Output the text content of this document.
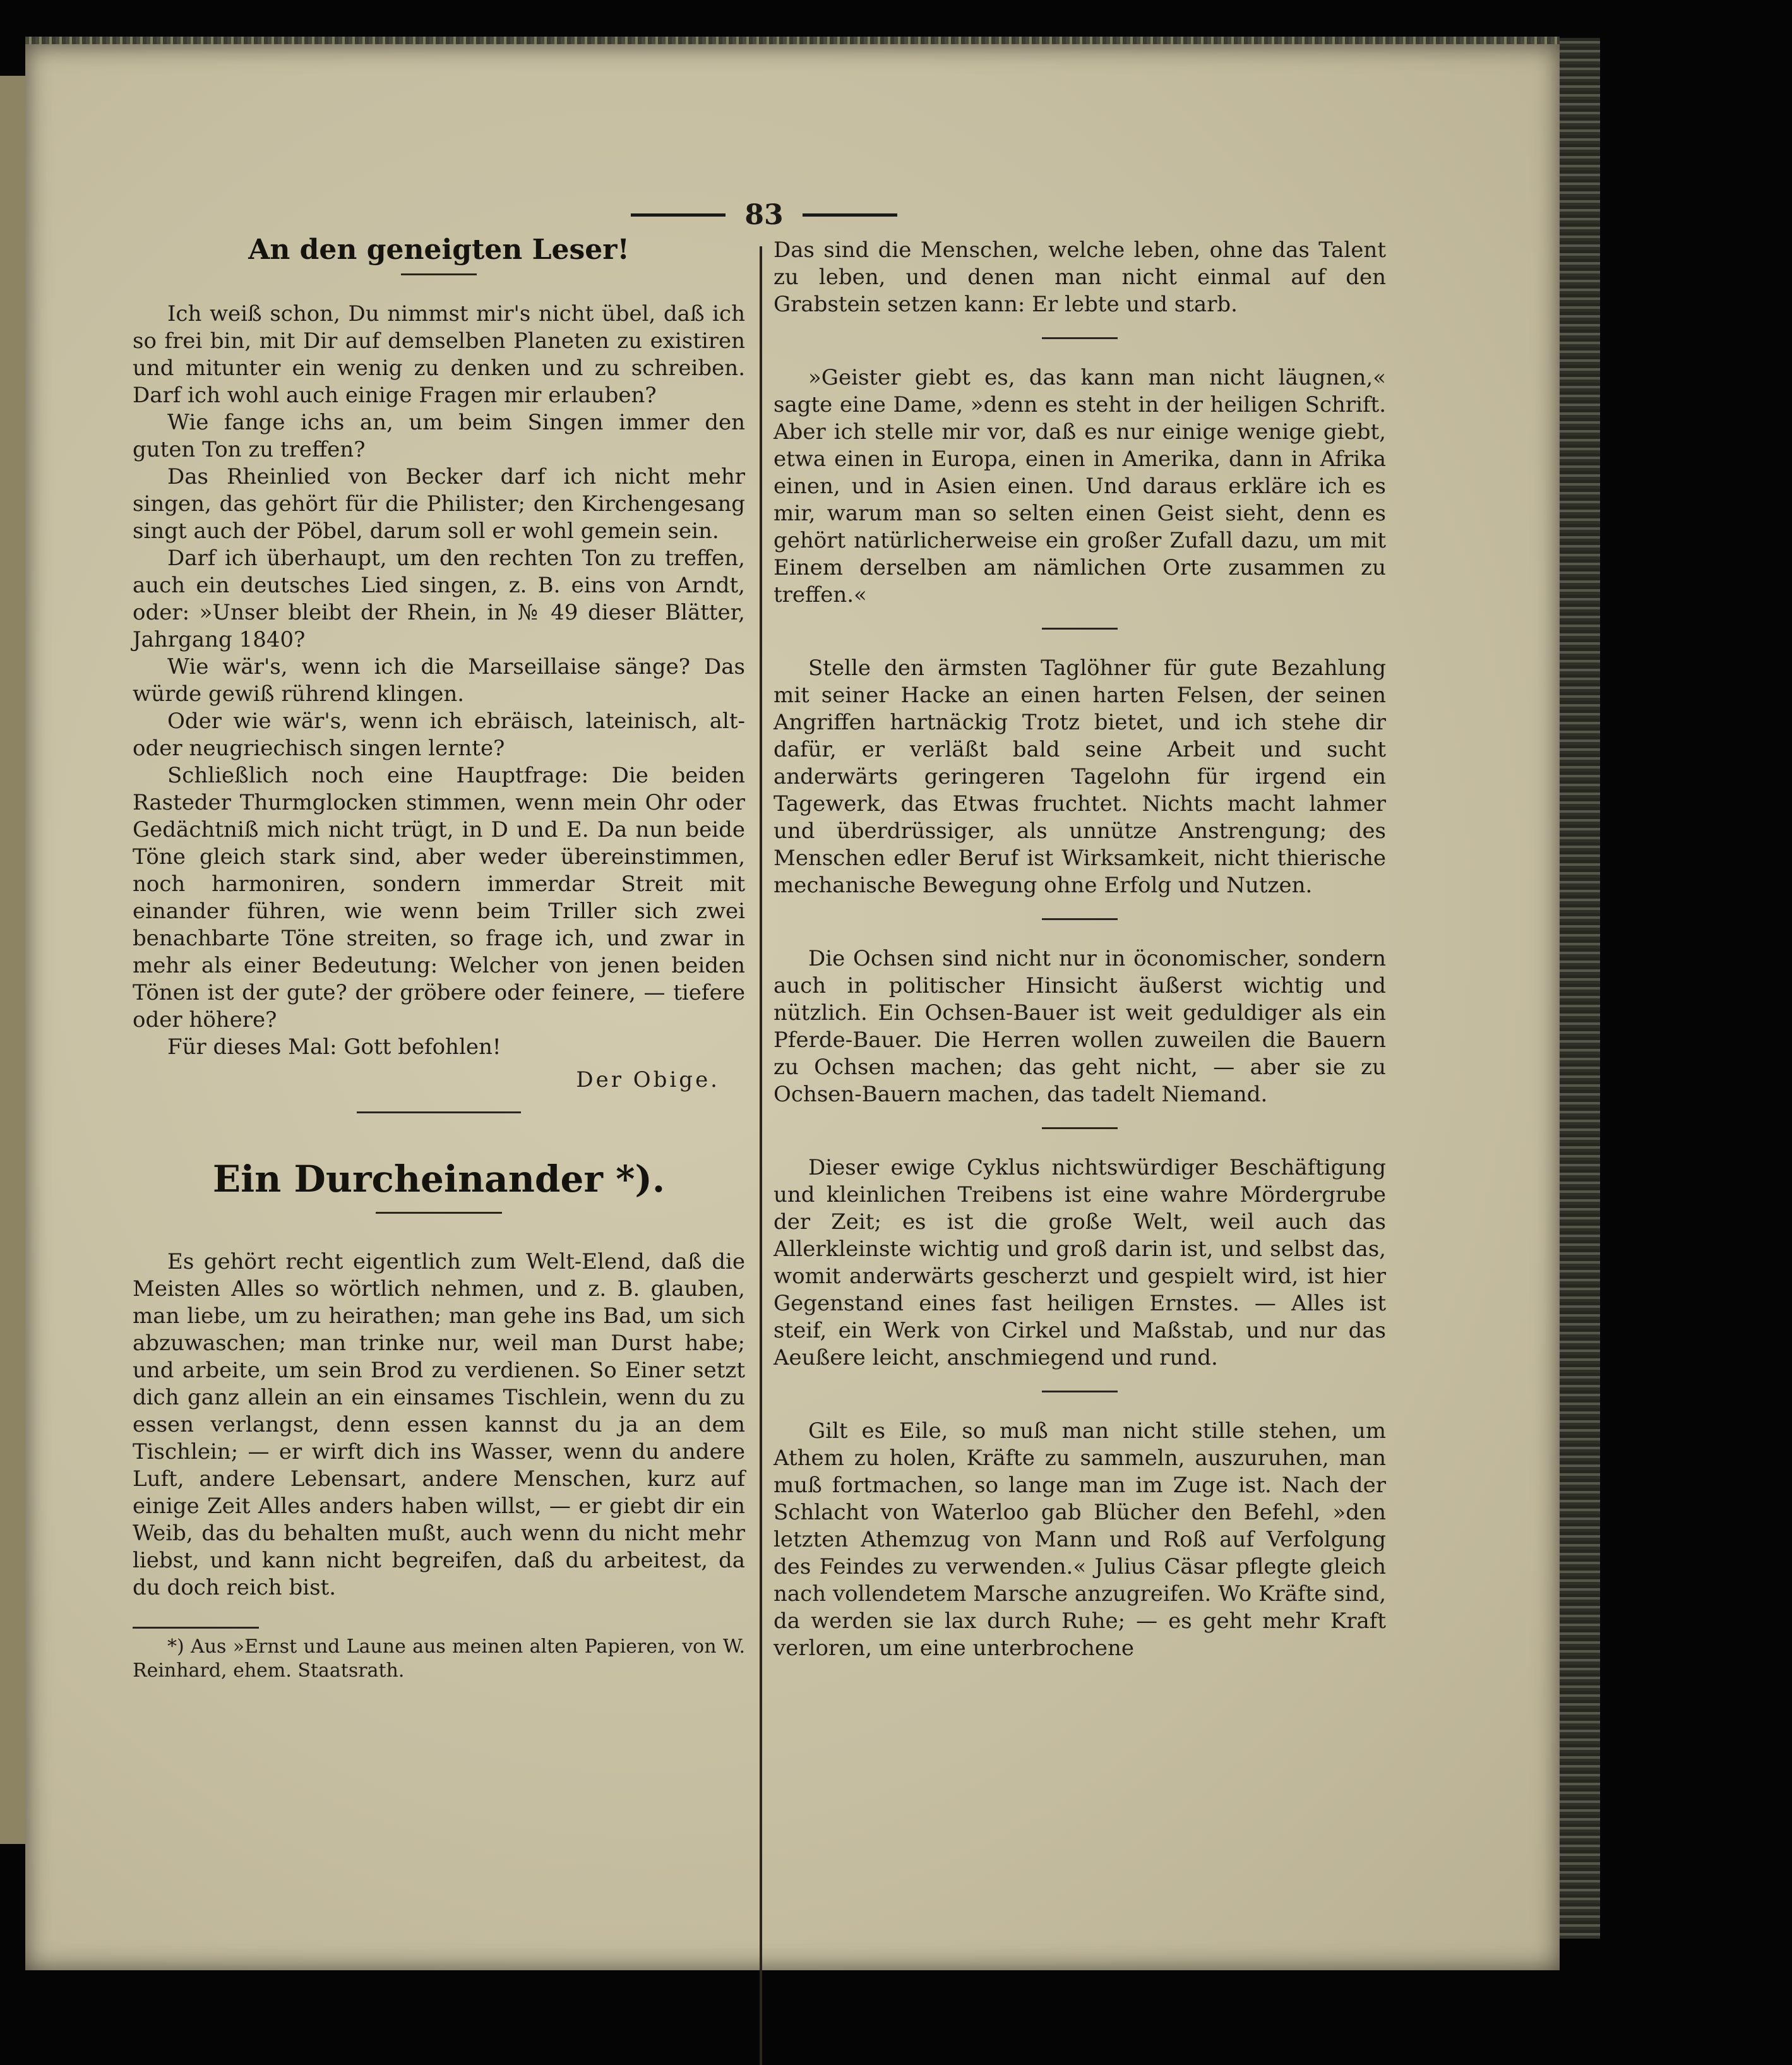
83
An den geneigten Leser!

Ich weiß schon, Du nimmst mir's nicht übel, daß ich so frei bin, mit Dir auf demselben Planeten zu existiren und mitunter ein wenig zu denken und zu schreiben. Darf ich wohl auch einige Fragen mir erlauben?

Wie fange ichs an, um beim Singen immer den guten Ton zu treffen?

Das Rheinlied von Becker darf ich nicht mehr singen, das gehört für die Philister; den Kirchengesang singt auch der Pöbel, darum soll er wohl gemein sein.

Darf ich überhaupt, um den rechten Ton zu treffen, auch ein deutsches Lied singen, z. B. eins von Arndt, oder: »Unser bleibt der Rhein, in № 49 dieser Blätter, Jahrgang 1840?

Wie wär's, wenn ich die Marseillaise sänge? Das würde gewiß rührend klingen.

Oder wie wär's, wenn ich ebräisch, lateinisch, alt- oder neugriechisch singen lernte?

Schließlich noch eine Hauptfrage: Die beiden Rasteder Thurmglocken stimmen, wenn mein Ohr oder Gedächtniß mich nicht trügt, in D und E. Da nun beide Töne gleich stark sind, aber weder übereinstimmen, noch harmoniren, sondern immerdar Streit mit einander führen, wie wenn beim Triller sich zwei benachbarte Töne streiten, so frage ich, und zwar in mehr als einer Bedeutung: Welcher von jenen beiden Tönen ist der gute? der gröbere oder feinere, — tiefere oder höhere?

Für dieses Mal: Gott befohlen!

Der Obige.
Ein Durcheinander *).

Es gehört recht eigentlich zum Welt-Elend, daß die Meisten Alles so wörtlich nehmen, und z. B. glauben, man liebe, um zu heirathen; man gehe ins Bad, um sich abzuwaschen; man trinke nur, weil man Durst habe; und arbeite, um sein Brod zu verdienen. So Einer setzt dich ganz allein an ein einsames Tischlein, wenn du zu essen verlangst, denn essen kannst du ja an dem Tischlein; — er wirft dich ins Wasser, wenn du andere Luft, andere Lebensart, andere Menschen, kurz auf einige Zeit Alles anders haben willst, — er giebt dir ein Weib, das du behalten mußt, auch wenn du nicht mehr liebst, und kann nicht begreifen, daß du arbeitest, da du doch reich bist.

*) Aus »Ernst und Laune aus meinen alten Papieren, von W. Reinhard, ehem. Staatsrath.

Das sind die Menschen, welche leben, ohne das Talent zu leben, und denen man nicht einmal auf den Grabstein setzen kann: Er lebte und starb.

»Geister giebt es, das kann man nicht läugnen,« sagte eine Dame, »denn es steht in der heiligen Schrift. Aber ich stelle mir vor, daß es nur einige wenige giebt, etwa einen in Europa, einen in Amerika, dann in Afrika einen, und in Asien einen. Und daraus erkläre ich es mir, warum man so selten einen Geist sieht, denn es gehört natürlicherweise ein großer Zufall dazu, um mit Einem derselben am nämlichen Orte zusammen zu treffen.«

Stelle den ärmsten Taglöhner für gute Bezahlung mit seiner Hacke an einen harten Felsen, der seinen Angriffen hartnäckig Trotz bietet, und ich stehe dir dafür, er verläßt bald seine Arbeit und sucht anderwärts geringeren Tagelohn für irgend ein Tagewerk, das Etwas fruchtet. Nichts macht lahmer und überdrüssiger, als unnütze Anstrengung; des Menschen edler Beruf ist Wirksamkeit, nicht thierische mechanische Bewegung ohne Erfolg und Nutzen.

Die Ochsen sind nicht nur in öconomischer, sondern auch in politischer Hinsicht äußerst wichtig und nützlich. Ein Ochsen-Bauer ist weit geduldiger als ein Pferde-Bauer. Die Herren wollen zuweilen die Bauern zu Ochsen machen; das geht nicht, — aber sie zu Ochsen-Bauern machen, das tadelt Niemand.

Dieser ewige Cyklus nichtswürdiger Beschäftigung und kleinlichen Treibens ist eine wahre Mördergrube der Zeit; es ist die große Welt, weil auch das Allerkleinste wichtig und groß darin ist, und selbst das, womit anderwärts gescherzt und gespielt wird, ist hier Gegenstand eines fast heiligen Ernstes. — Alles ist steif, ein Werk von Cirkel und Maßstab, und nur das Aeußere leicht, anschmiegend und rund.

Gilt es Eile, so muß man nicht stille stehen, um Athem zu holen, Kräfte zu sammeln, auszuruhen, man muß fortmachen, so lange man im Zuge ist. Nach der Schlacht von Waterloo gab Blücher den Befehl, »den letzten Athemzug von Mann und Roß auf Verfolgung des Feindes zu verwenden.« Julius Cäsar pflegte gleich nach vollendetem Marsche anzugreifen. Wo Kräfte sind, da werden sie lax durch Ruhe; — es geht mehr Kraft verloren, um eine unterbrochene
